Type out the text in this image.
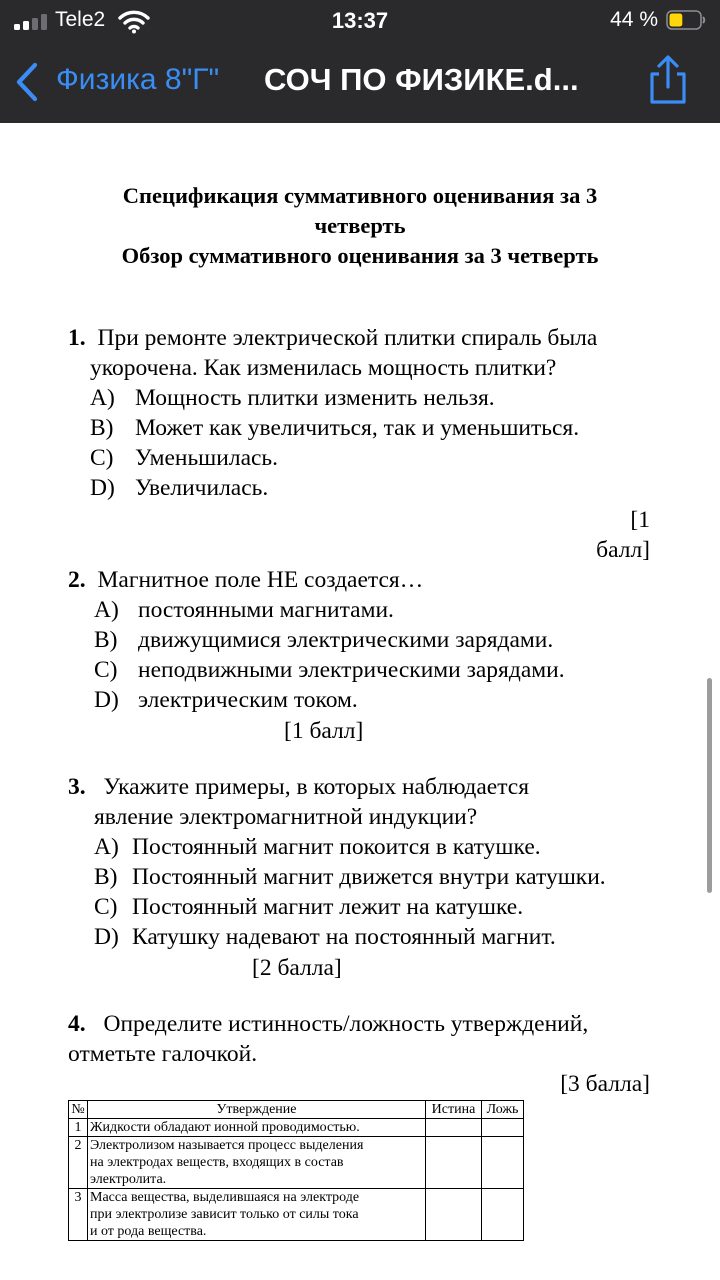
Tele2	13:37	44 %
Физика 8"Г" СОЧ ПО ФИЗИКЕ.d...
Спецификация суммативного оценивания за 3
четверть
Обзор суммативного оценивания за 3 четверть
1. При ремонте электрической плитки спираль была
укорочена. Как изменилась мощность плитки?
A) Мощность плитки изменить нельзя.
B) Может как увеличиться, так и уменьшиться.
C) Уменьшилась.
D) Увеличилась.
[1
балл]
2. Магнитное поле НЕ создается…
A) постоянными магнитами.
B) движущимися электрическими зарядами.
C) неподвижными электрическими зарядами.
D) электрическим током.
[1 балл]
3. Укажите примеры, в которых наблюдается
явление электромагнитной индукции?
A) Постоянный магнит покоится в катушке.
B) Постоянный магнит движется внутри катушки.
C) Постоянный магнит лежит на катушке.
D) Катушку надевают на постоянный магнит.
[2 балла]
4. Определите истинность/ложность утверждений,
отметьте галочкой.
[3 балла]
№	Утверждение	Истина	Ложь
1	Жидкости обладают ионной проводимостью.		

2	Электролизом называется процесс выделения
на электродах веществ, входящих в состав
электролита.		

3	Масса вещества, выделившаяся на электроде
при электролизе зависит только от силы тока
и от рода вещества.		
